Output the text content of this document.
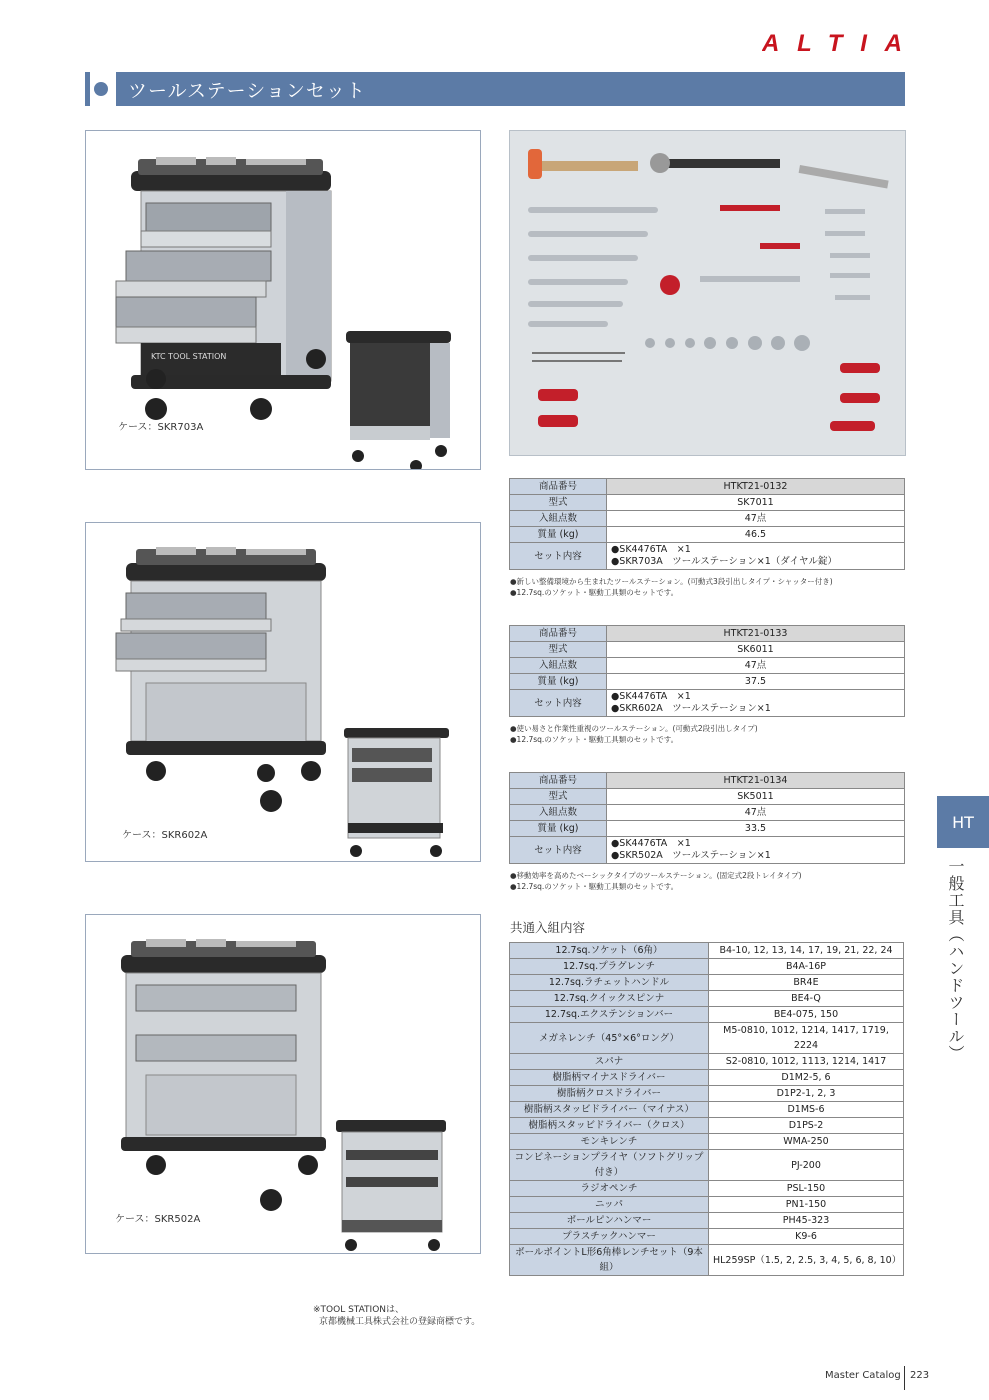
ALTIA
ツールステーションセット
KTC TOOL STATION
ケース：SKR703A
ケース：SKR602A
ケース：SKR502A
商品番号	HTKT21-0132
型式	SK7011
入組点数	47点
質量 (kg)	46.5
セット内容	●SK4476TA　×1
●SKR703A　ツールステーション×1（ダイヤル錠）
●新しい整備環境から生まれたツールステーション。(可動式3段引出しタイプ・シャッター付き)
●12.7sq.のソケット・駆動工具類のセットです。
商品番号	HTKT21-0133
型式	SK6011
入組点数	47点
質量 (kg)	37.5
セット内容	●SK4476TA　×1
●SKR602A　ツールステーション×1
●使い易さと作業性重視のツールステーション。(可動式2段引出しタイプ)
●12.7sq.のソケット・駆動工具類のセットです。
商品番号	HTKT21-0134
型式	SK5011
入組点数	47点
質量 (kg)	33.5
セット内容	●SK4476TA　×1
●SKR502A　ツールステーション×1
●移動効率を高めたベーシックタイプのツールステーション。(固定式2段トレイタイプ)
●12.7sq.のソケット・駆動工具類のセットです。
共通入組内容
12.7sq.ソケット（6角）	B4-10, 12, 13, 14, 17, 19, 21, 22, 24
12.7sq.プラグレンチ	B4A-16P
12.7sq.ラチェットハンドル	BR4E
12.7sq.クイックスピンナ	BE4-Q
12.7sq.エクステンションバー	BE4-075, 150
メガネレンチ（45°×6°ロング）	M5-0810, 1012, 1214, 1417, 1719, 2224
スパナ	S2-0810, 1012, 1113, 1214, 1417
樹脂柄マイナスドライバー	D1M2-5, 6
樹脂柄クロスドライバー	D1P2-1, 2, 3
樹脂柄スタッビドライバー（マイナス）	D1MS-6
樹脂柄スタッビドライバー（クロス）	D1PS-2
モンキレンチ	WMA-250
コンビネーションプライヤ（ソフトグリップ付き）	PJ-200
ラジオペンチ	PSL-150
ニッパ	PN1-150
ボールピンハンマー	PH45-323
プラスチックハンマー	K9-6
ボールポイントL形6角棒レンチセット（9本組）	HL259SP（1.5, 2, 2.5, 3, 4, 5, 6, 8, 10）
HT
一般工具（ハンドツール）
※TOOL STATIONは、
京都機械工具株式会社の登録商標です。
Master Catalog 223
